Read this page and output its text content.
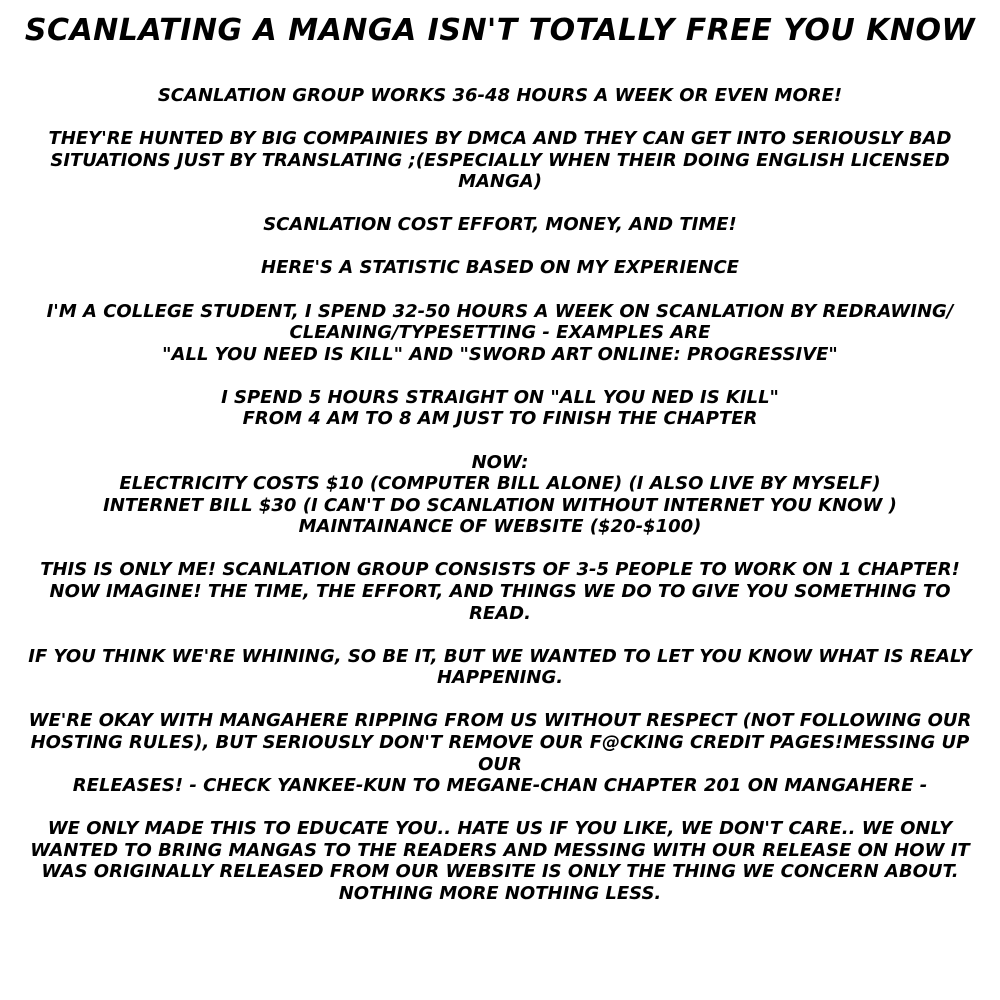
SCANLATING A MANGA ISN'T TOTALLY FREE YOU KNOW
SCANLATION GROUP WORKS 36-48 HOURS A WEEK OR EVEN MORE!
THEY'RE HUNTED BY BIG COMPAINIES BY DMCA AND THEY CAN GET INTO SERIOUSLY BAD SITUATIONS JUST BY TRANSLATING ;(ESPECIALLY WHEN THEIR DOING ENGLISH LICENSED MANGA)
SCANLATION COST EFFORT, MONEY, AND TIME!
HERE'S A STATISTIC BASED ON MY EXPERIENCE
I'M A COLLEGE STUDENT, I SPEND 32-50 HOURS A WEEK ON SCANLATION BY REDRAWING/
CLEANING/TYPESETTING - EXAMPLES ARE
"ALL YOU NEED IS KILL" AND "SWORD ART ONLINE: PROGRESSIVE"
I SPEND 5 HOURS STRAIGHT ON "ALL YOU NED IS KILL"
FROM 4 AM TO 8 AM JUST TO FINISH THE CHAPTER
NOW:
ELECTRICITY COSTS $10 (COMPUTER BILL ALONE) (I ALSO LIVE BY MYSELF)
INTERNET BILL $30 (I CAN'T DO SCANLATION WITHOUT INTERNET YOU KNOW )
MAINTAINANCE OF WEBSITE ($20-$100)
THIS IS ONLY ME! SCANLATION GROUP CONSISTS OF 3-5 PEOPLE TO WORK ON 1 CHAPTER! NOW IMAGINE! THE TIME, THE EFFORT, AND THINGS WE DO TO GIVE YOU SOMETHING TO READ.
IF YOU THINK WE'RE WHINING, SO BE IT, BUT WE WANTED TO LET YOU KNOW WHAT IS REALY HAPPENING.
WE'RE OKAY WITH MANGAHERE RIPPING FROM US WITHOUT RESPECT (NOT FOLLOWING OUR HOSTING RULES), BUT SERIOUSLY DON'T REMOVE OUR F@CKING CREDIT PAGES!MESSING UP OUR
RELEASES! - CHECK YANKEE-KUN TO MEGANE-CHAN CHAPTER 201 ON MANGAHERE -
WE ONLY MADE THIS TO EDUCATE YOU.. HATE US IF YOU LIKE, WE DON'T CARE.. WE ONLY WANTED TO BRING MANGAS TO THE READERS AND MESSING WITH OUR RELEASE ON HOW IT WAS ORIGINALLY RELEASED FROM OUR WEBSITE IS ONLY THE THING WE CONCERN ABOUT. NOTHING MORE NOTHING LESS.
